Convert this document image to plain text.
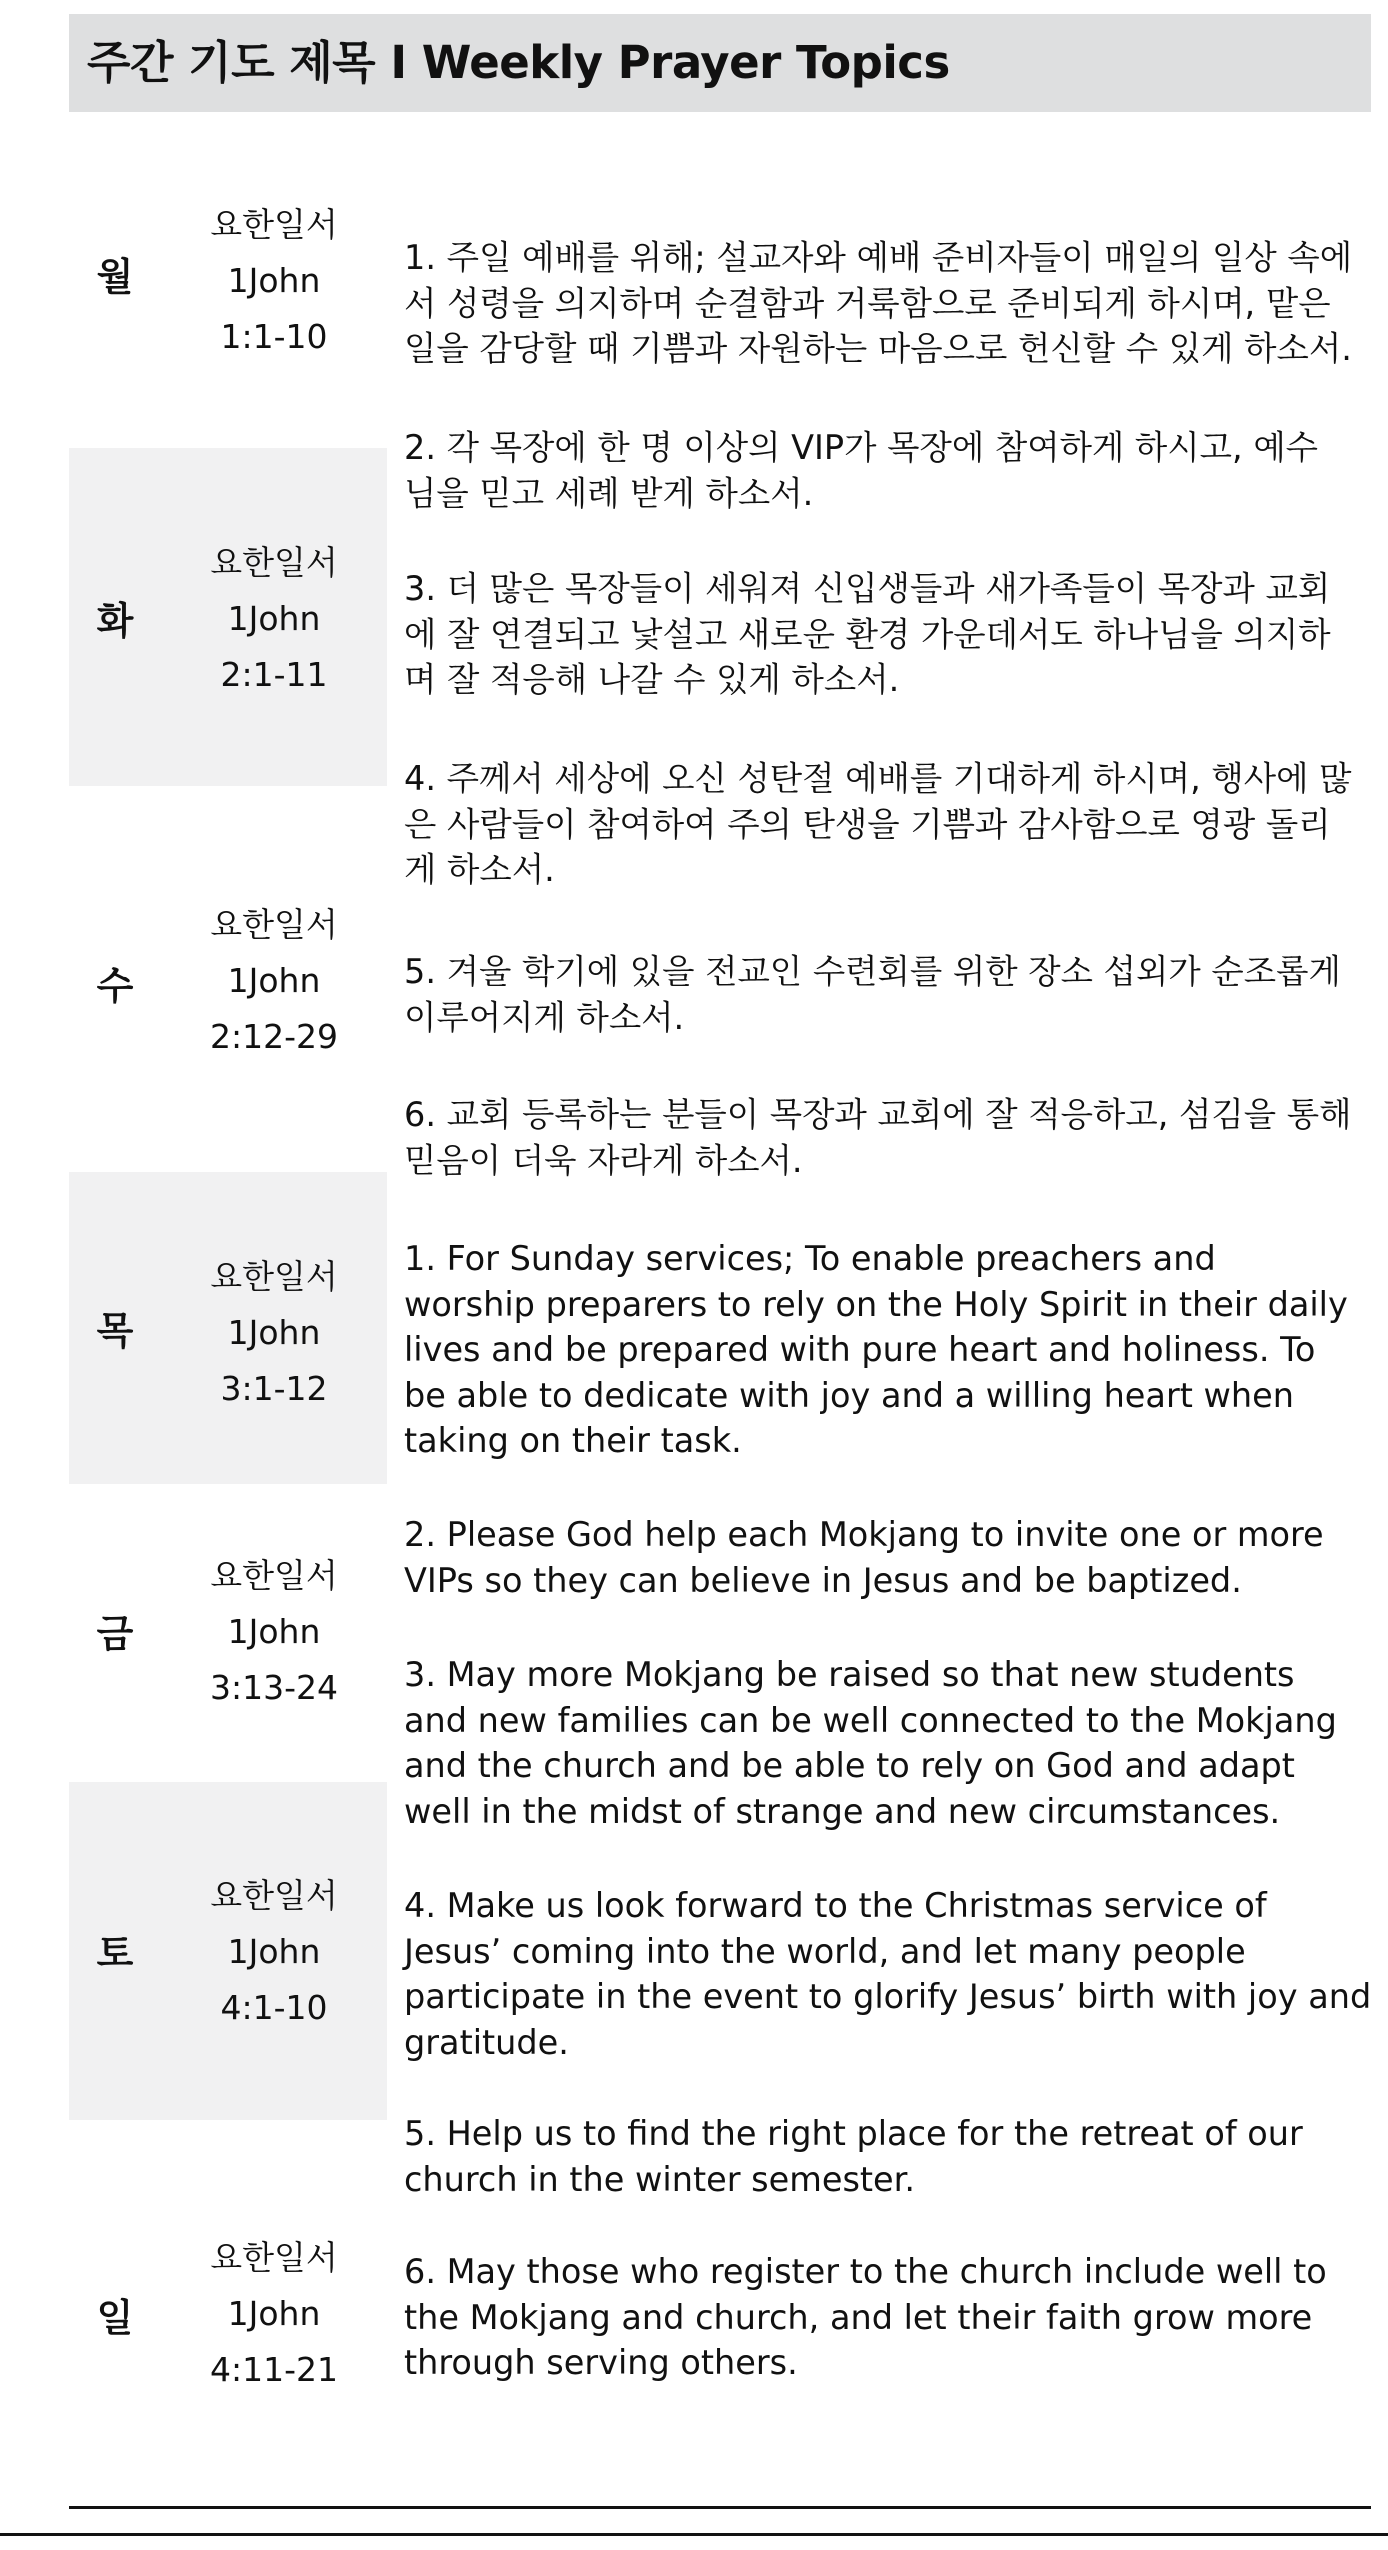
주간 기도 제목 I Weekly Prayer Topics
월
요한일서
1John
1:1-10
화
요한일서
1John
2:1-11
수
요한일서
1John
2:12-29
목
요한일서
1John
3:1-12
금
요한일서
1John
3:13-24
토
요한일서
1John
4:1-10
일
요한일서
1John
4:11-21
1. 주일 예배를 위해; 설교자와 예배 준비자들이 매일의 일상 속에
서 성령을 의지하며 순결함과 거룩함으로 준비되게 하시며, 맡은
일을 감당할 때 기쁨과 자원하는 마음으로 헌신할 수 있게 하소서.
2. 각 목장에 한 명 이상의 VIP가 목장에 참여하게 하시고, 예수
님을 믿고 세례 받게 하소서.
3. 더 많은 목장들이 세워져 신입생들과 새가족들이 목장과 교회
에 잘 연결되고 낯설고 새로운 환경 가운데서도 하나님을 의지하
며 잘 적응해 나갈 수 있게 하소서.
4. 주께서 세상에 오신 성탄절 예배를 기대하게 하시며, 행사에 많
은 사람들이 참여하여 주의 탄생을 기쁨과 감사함으로 영광 돌리
게 하소서.
5. 겨울 학기에 있을 전교인 수련회를 위한 장소 섭외가 순조롭게
이루어지게 하소서.
6. 교회 등록하는 분들이 목장과 교회에 잘 적응하고, 섬김을 통해
믿음이 더욱 자라게 하소서.
1. For Sunday services; To enable preachers and
worship preparers to rely on the Holy Spirit in their daily
lives and be prepared with pure heart and holiness. To
be able to dedicate with joy and a willing heart when
taking on their task.
2. Please God help each Mokjang to invite one or more
VIPs so they can believe in Jesus and be baptized.
3. May more Mokjang be raised so that new students
and new families can be well connected to the Mokjang
and the church and be able to rely on God and adapt
well in the midst of strange and new circumstances.
4. Make us look forward to the Christmas service of
Jesus’ coming into the world, and let many people
participate in the event to glorify Jesus’ birth with joy and
gratitude.
5. Help us to find the right place for the retreat of our
church in the winter semester.
6. May those who register to the church include well to
the Mokjang and church, and let their faith grow more
through serving others.
